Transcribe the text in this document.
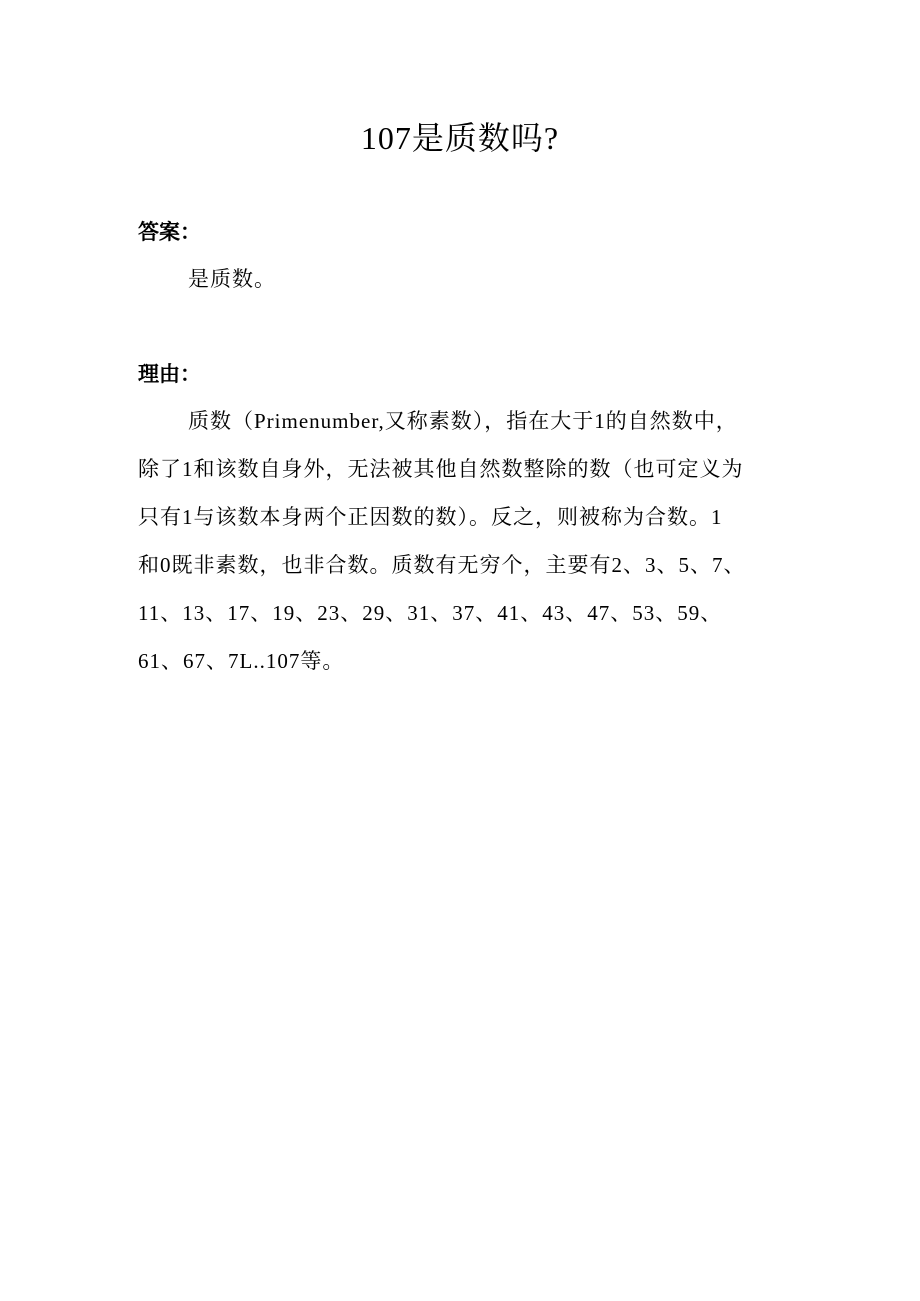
107是质数吗?
答案：
是质数。
理由：
质数（Primenumber,又称素数），指在大于1的自然数中，
除了1和该数自身外，无法被其他自然数整除的数（也可定义为
只有1与该数本身两个正因数的数）。反之，则被称为合数。1
和0既非素数，也非合数。质数有无穷个，主要有2、3、5、7、
11、13、17、19、23、29、31、37、41、43、47、53、59、
61、67、7L..107等。
